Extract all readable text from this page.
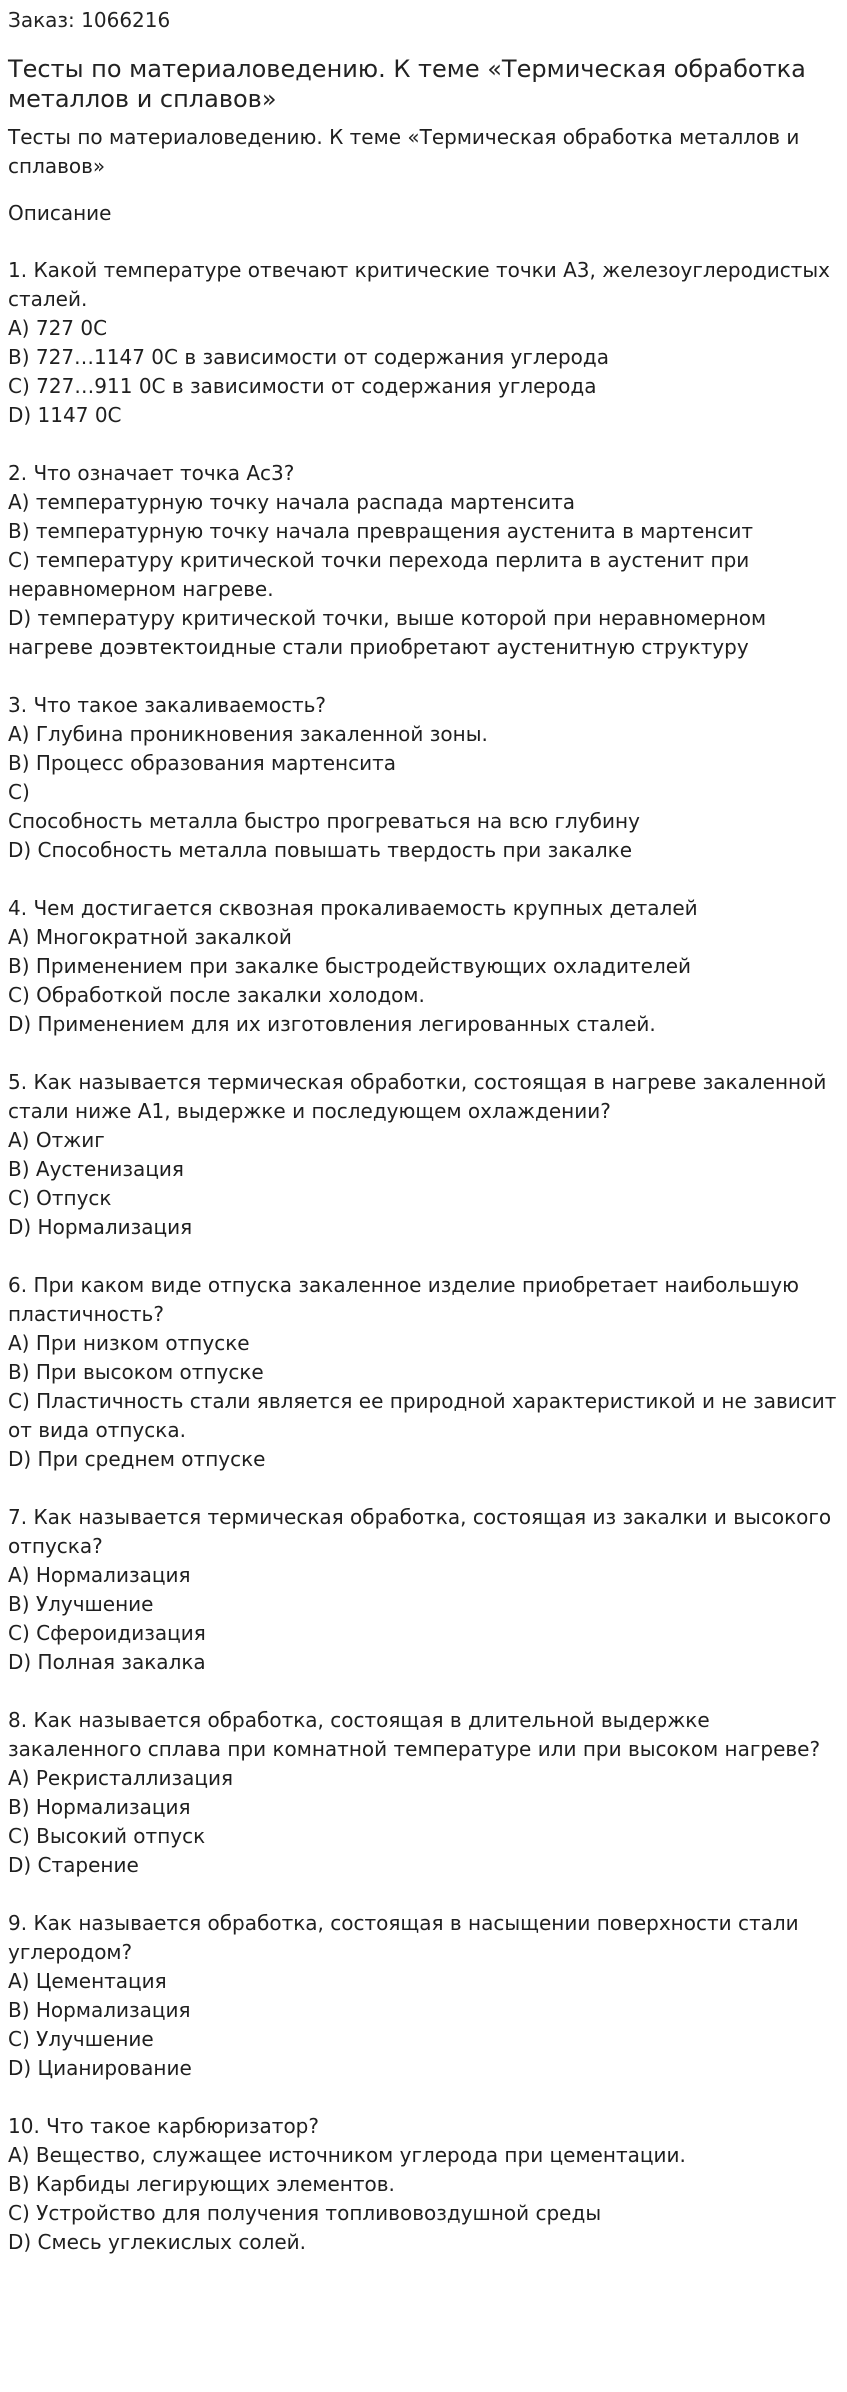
Заказ: 1066216
Тесты по материаловедению. К теме «Термическая обработка металлов и сплавов»
Тесты по материаловедению. К теме «Термическая обработка металлов и сплавов»
Описание
1. Какой температуре отвечают критические точки А3, железоуглеродистых сталей.
A) 727 0С
B) 727…1147 0С в зависимости от содержания углерода
C) 727…911 0С в зависимости от содержания углерода
D) 1147 0С
2. Что означает точка Ас3?
A) температурную точку начала распада мартенсита
B) температурную точку начала превращения аустенита в мартенсит
C) температуру критической точки перехода перлита в аустенит при неравномерном нагреве.
D) температуру критической точки, выше которой при неравномерном нагреве доэвтектоидные стали приобретают аустенитную структуру
3. Что такое закаливаемость?
A) Глубина проникновения закаленной зоны.
B) Процесс образования мартенсита
C)
Способность металла быстро прогреваться на всю глубину
D) Способность металла повышать твердость при закалке
4. Чем достигается сквозная прокаливаемость крупных деталей
A) Многократной закалкой
B) Применением при закалке быстродействующих охладителей
C) Обработкой после закалки холодом.
D) Применением для их изготовления легированных сталей.
5. Как называется термическая обработки, состоящая в нагреве закаленной стали ниже А1, выдержке и последующем охлаждении?
A) Отжиг
B) Аустенизация
C) Отпуск
D) Нормализация
6. При каком виде отпуска закаленное изделие приобретает наибольшую пластичность?
A) При низком отпуске
B) При высоком отпуске
C) Пластичность стали является ее природной характеристикой и не зависит от вида отпуска.
D) При среднем отпуске
7. Как называется термическая обработка, состоящая из закалки и высокого отпуска?
A) Нормализация
B) Улучшение
C) Сфероидизация
D) Полная закалка
8. Как называется обработка, состоящая в длительной выдержке закаленного сплава при комнатной температуре или при высоком нагреве?
A) Рекристаллизация
B) Нормализация
C) Высокий отпуск
D) Старение
9. Как называется обработка, состоящая в насыщении поверхности стали углеродом?
A) Цементация
B) Нормализация
C) Улучшение
D) Цианирование
10. Что такое карбюризатор?
A) Вещество, служащее источником углерода при цементации.
B) Карбиды легирующих элементов.
C) Устройство для получения топливовоздушной среды
D) Смесь углекислых солей.
